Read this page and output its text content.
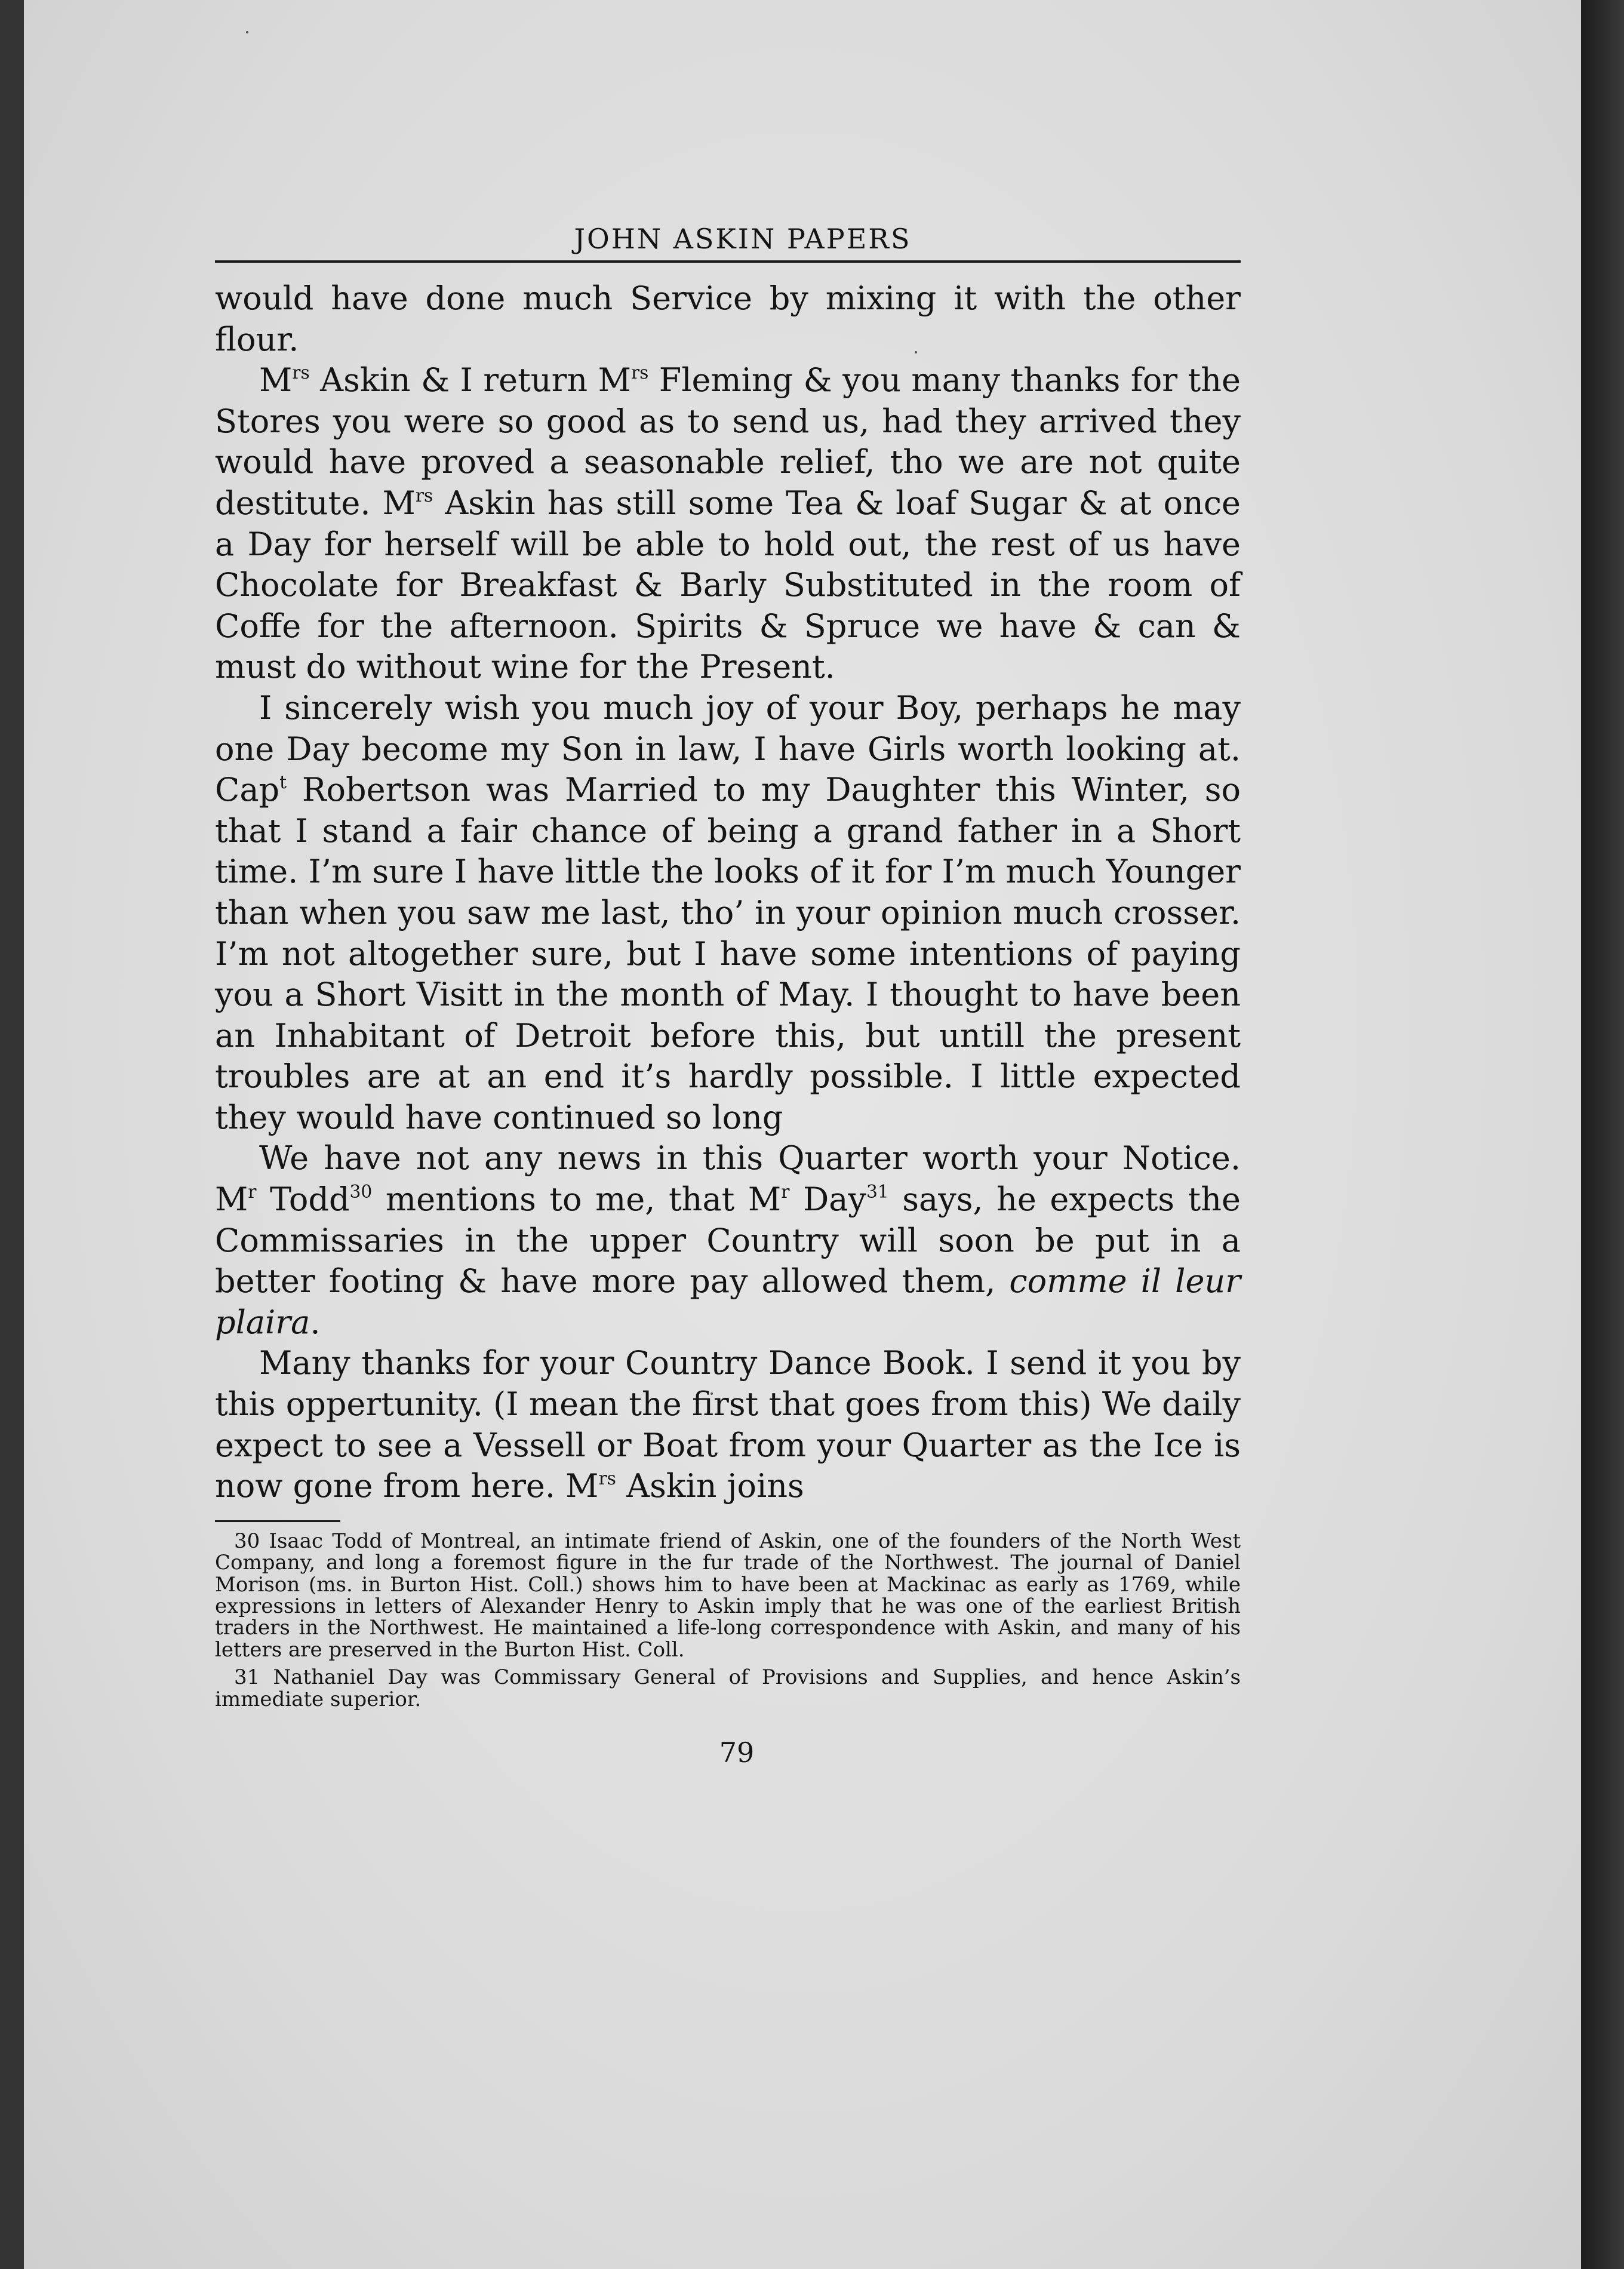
JOHN ASKIN PAPERS

would have done much Service by mixing it with the other flour.

$M^{rs}$ Askin & I return $M^{rs}$ Fleming & you many thanks for the Stores you were so good as to send us, had they arrived they would have proved a seasonable relief, tho we are not quite destitute. $M^{rs}$ Askin has still some Tea & loaf Sugar & at once a Day for herself will be able to hold out, the rest of us have Chocolate for Breakfast & Barly Substituted in the room of Coffe for the afternoon. Spirits & Spruce we have & can & must do without wine for the Present.

I sincerely wish you much joy of your Boy, perhaps he may one Day become my Son in law, I have Girls worth looking at. Cap$^t$ Robertson was Married to my Daughter this Winter, so that I stand a fair chance of being a grand father in a Short time. I’m sure I have little the looks of it for I’m much Younger than when you saw me last, tho’ in your opinion much crosser. I’m not altogether sure, but I have some intentions of paying you a Short Visitt in the month of May. I thought to have been an Inhabitant of Detroit before this, but untill the present troubles are at an end it’s hardly possible. I little expected they would have continued so long

We have not any news in this Quarter worth your Notice. $M^r$ Todd$^{30}$ mentions to me, that $M^r$ Day$^{31}$ says, he expects the Commissaries in the upper Country will soon be put in a better footing & have more pay allowed them, comme il leur plaira.

Many thanks for your Country Dance Book. I send it you by this oppertunity. (I mean the first that goes from this) We daily expect to see a Vessell or Boat from your Quarter as the Ice is now gone from here. $M^{rs}$ Askin joins

30 Isaac Todd of Montreal, an intimate friend of Askin, one of the founders of the North West Company, and long a foremost figure in the fur trade of the Northwest. The journal of Daniel Morison (ms. in Burton Hist. Coll.) shows him to have been at Mackinac as early as 1769, while expressions in letters of Alexander Henry to Askin imply that he was one of the earliest British traders in the Northwest. He maintained a life-long correspondence with Askin, and many of his letters are preserved in the Burton Hist. Coll.

31 Nathaniel Day was Commissary General of Provisions and Supplies, and hence Askin’s immediate superior.

79
